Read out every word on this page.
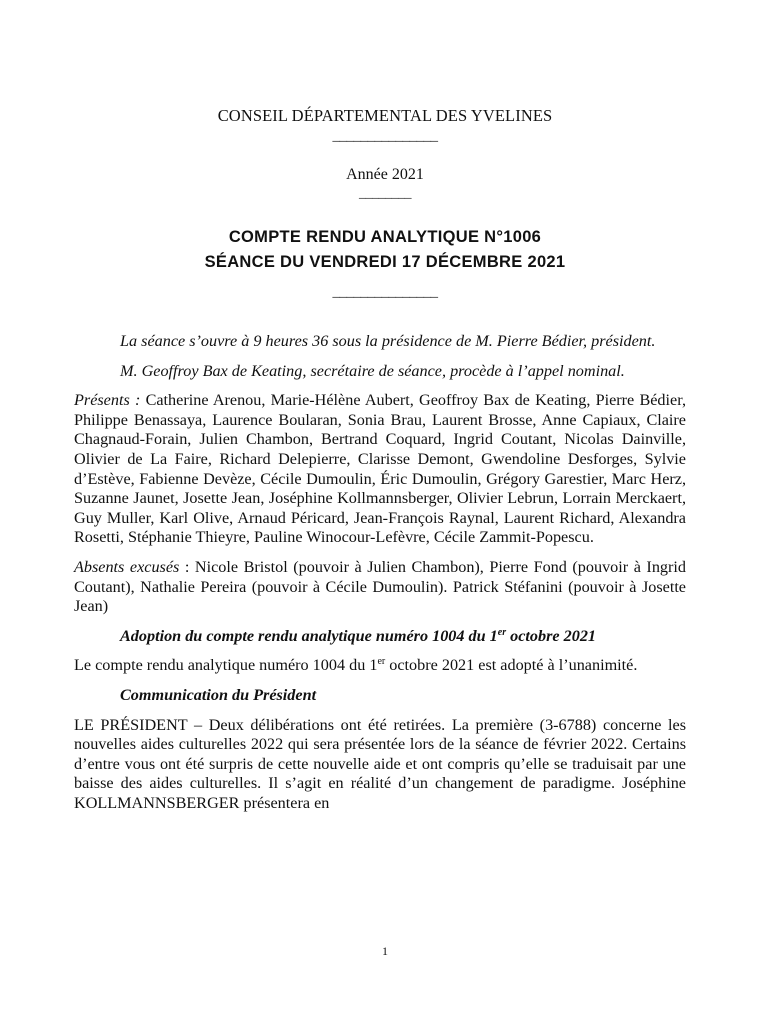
CONSEIL DÉPARTEMENTAL DES YVELINES
_______________
Année 2021
________
COMPTE RENDU ANALYTIQUE N°1006
SÉANCE DU VENDREDI 17 DÉCEMBRE 2021
_______________

La séance s’ouvre à 9 heures 36 sous la présidence de M. Pierre Bédier, président.

M. Geoffroy Bax de Keating, secrétaire de séance, procède à l’appel nominal.

Présents : Catherine Arenou, Marie-Hélène Aubert, Geoffroy Bax de Keating, Pierre Bédier, Philippe Benassaya, Laurence Boularan, Sonia Brau, Laurent Brosse, Anne Capiaux, Claire Chagnaud-Forain, Julien Chambon, Bertrand Coquard, Ingrid Coutant, Nicolas Dainville, Olivier de La Faire, Richard Delepierre, Clarisse Demont, Gwendoline Desforges, Sylvie d’Estève, Fabienne Devèze, Cécile Dumoulin, Éric Dumoulin, Grégory Garestier, Marc Herz, Suzanne Jaunet, Josette Jean, Joséphine Kollmannsberger, Olivier Lebrun, Lorrain Merckaert, Guy Muller, Karl Olive, Arnaud Péricard, Jean-François Raynal, Laurent Richard, Alexandra Rosetti, Stéphanie Thieyre, Pauline Winocour-Lefèvre, Cécile Zammit-Popescu.

Absents excusés : Nicole Bristol (pouvoir à Julien Chambon), Pierre Fond (pouvoir à Ingrid Coutant), Nathalie Pereira (pouvoir à Cécile Dumoulin). Patrick Stéfanini (pouvoir à Josette Jean)

Adoption du compte rendu analytique numéro 1004 du 1er octobre 2021

Le compte rendu analytique numéro 1004 du 1er octobre 2021 est adopté à l’unanimité.

Communication du Président

LE PRÉSIDENT – Deux délibérations ont été retirées. La première (3-6788) concerne les nouvelles aides culturelles 2022 qui sera présentée lors de la séance de février 2022. Certains d’entre vous ont été surpris de cette nouvelle aide et ont compris qu’elle se traduisait par une baisse des aides culturelles. Il s’agit en réalité d’un changement de paradigme. Joséphine KOLLMANNSBERGER présentera en

1
